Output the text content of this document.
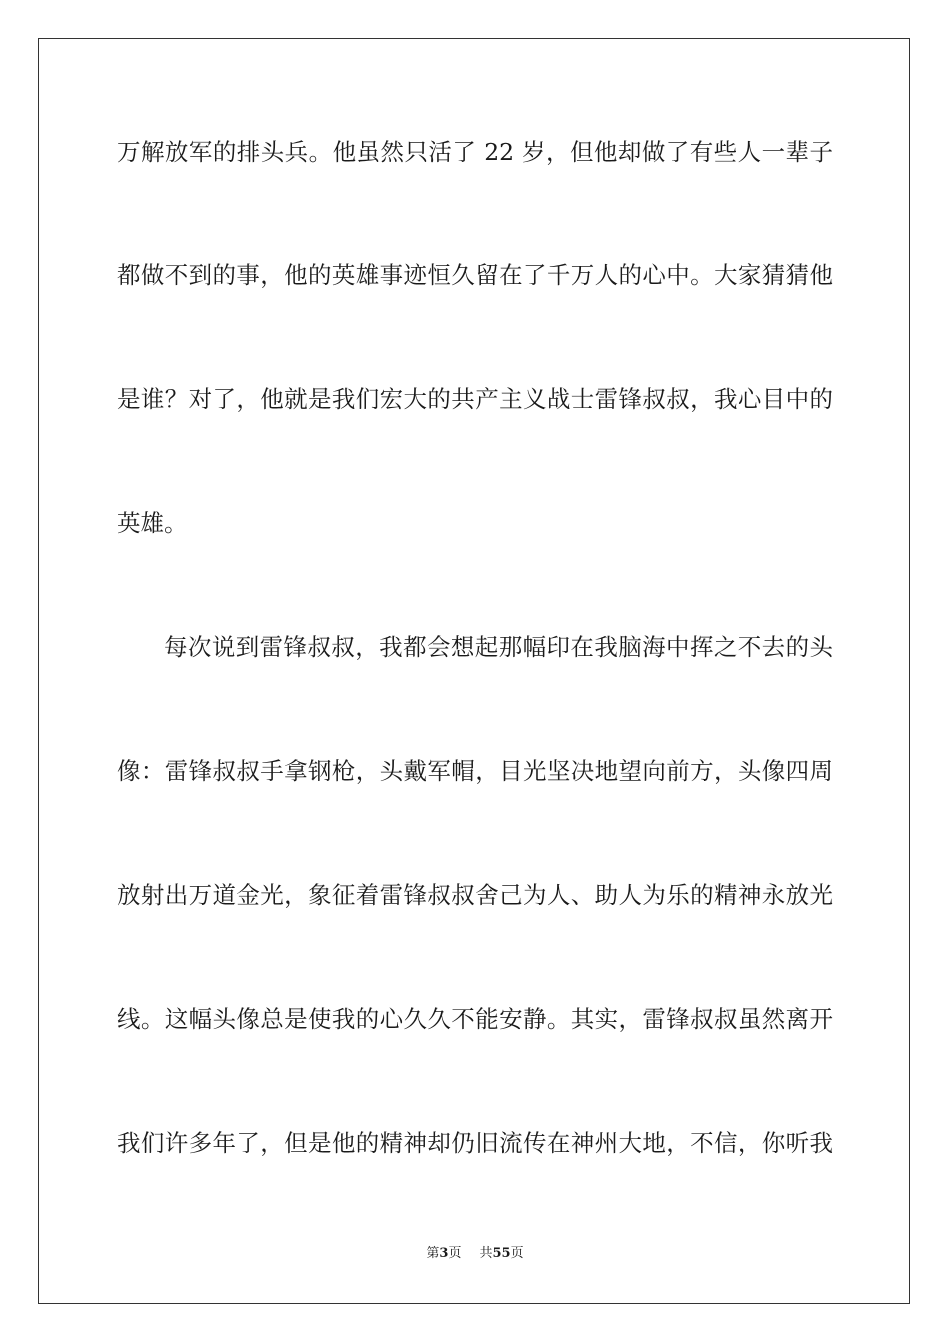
万解放军的排头兵。他虽然只活了 22 岁，但他却做了有些人一辈子
都做不到的事，他的英雄事迹恒久留在了千万人的心中。大家猜猜他
是谁？对了，他就是我们宏大的共产主义战士雷锋叔叔，我心目中的
英雄。
每次说到雷锋叔叔，我都会想起那幅印在我脑海中挥之不去的头
像：雷锋叔叔手拿钢枪，头戴军帽，目光坚决地望向前方，头像四周
放射出万道金光，象征着雷锋叔叔舍己为人、助人为乐的精神永放光
线。这幅头像总是使我的心久久不能安静。其实，雷锋叔叔虽然离开
我们许多年了，但是他的精神却仍旧流传在神州大地，不信，你听我
第3页 共55页
